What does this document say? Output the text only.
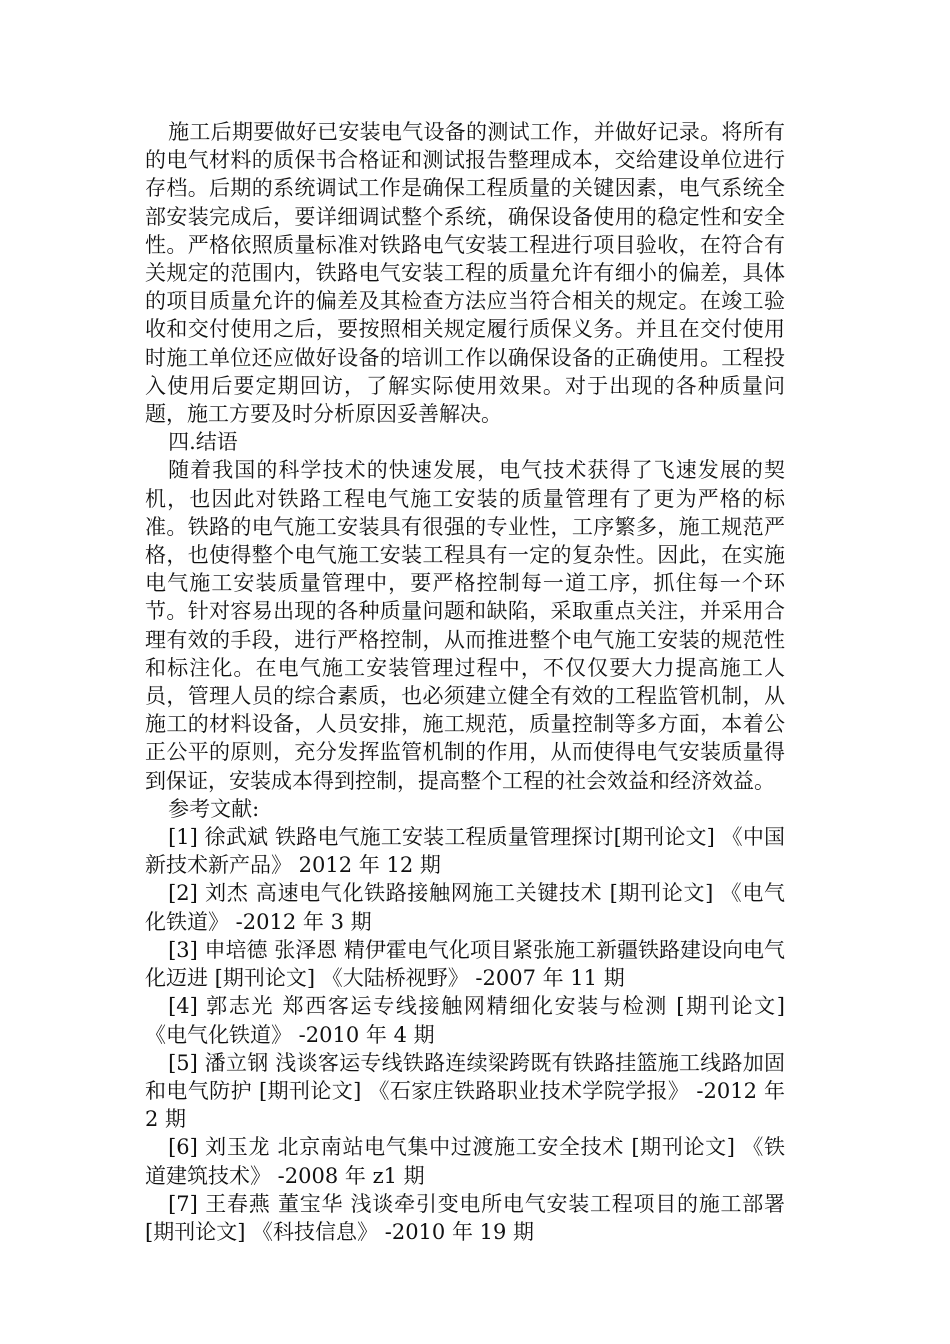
施工后期要做好已安装电气设备的测试工作，并做好记录。将所有的电气材料的质保书合格证和测试报告整理成本，交给建设单位进行存档。后期的系统调试工作是确保工程质量的关键因素，电气系统全部安装完成后，要详细调试整个系统，确保设备使用的稳定性和安全性。严格依照质量标准对铁路电气安装工程进行项目验收，在符合有关规定的范围内，铁路电气安装工程的质量允许有细小的偏差，具体的项目质量允许的偏差及其检查方法应当符合相关的规定。在竣工验收和交付使用之后，要按照相关规定履行质保义务。并且在交付使用时施工单位还应做好设备的培训工作以确保设备的正确使用。工程投入使用后要定期回访，了解实际使用效果。对于出现的各种质量问题，施工方要及时分析原因妥善解决。

四.结语

随着我国的科学技术的快速发展，电气技术获得了飞速发展的契机，也因此对铁路工程电气施工安装的质量管理有了更为严格的标准。铁路的电气施工安装具有很强的专业性，工序繁多，施工规范严格，也使得整个电气施工安装工程具有一定的复杂性。因此，在实施电气施工安装质量管理中，要严格控制每一道工序，抓住每一个环节。针对容易出现的各种质量问题和缺陷，采取重点关注，并采用合理有效的手段，进行严格控制，从而推进整个电气施工安装的规范性和标注化。在电气施工安装管理过程中，不仅仅要大力提高施工人员，管理人员的综合素质，也必须建立健全有效的工程监管机制，从施工的材料设备，人员安排，施工规范，质量控制等多方面，本着公正公平的原则，充分发挥监管机制的作用，从而使得电气安装质量得到保证，安装成本得到控制，提高整个工程的社会效益和经济效益。

参考文献:

[1] 徐武斌 铁路电气施工安装工程质量管理探讨[期刊论文] 《中国新技术新产品》 2012 年 12 期

[2] 刘杰 高速电气化铁路接触网施工关键技术 [期刊论文] 《电气化铁道》 -2012 年 3 期

[3] 申培德 张泽恩 精伊霍电气化项目紧张施工新疆铁路建设向电气化迈进 [期刊论文] 《大陆桥视野》 -2007 年 11 期

[4] 郭志光 郑西客运专线接触网精细化安装与检测 [期刊论文] 《电气化铁道》 -2010 年 4 期

[5] 潘立钢 浅谈客运专线铁路连续梁跨既有铁路挂篮施工线路加固和电气防护 [期刊论文] 《石家庄铁路职业技术学院学报》 -2012 年 2 期

[6] 刘玉龙 北京南站电气集中过渡施工安全技术 [期刊论文] 《铁道建筑技术》 -2008 年 z1 期

[7] 王春燕 董宝华 浅谈牵引变电所电气安装工程项目的施工部署 [期刊论文] 《科技信息》 -2010 年 19 期
